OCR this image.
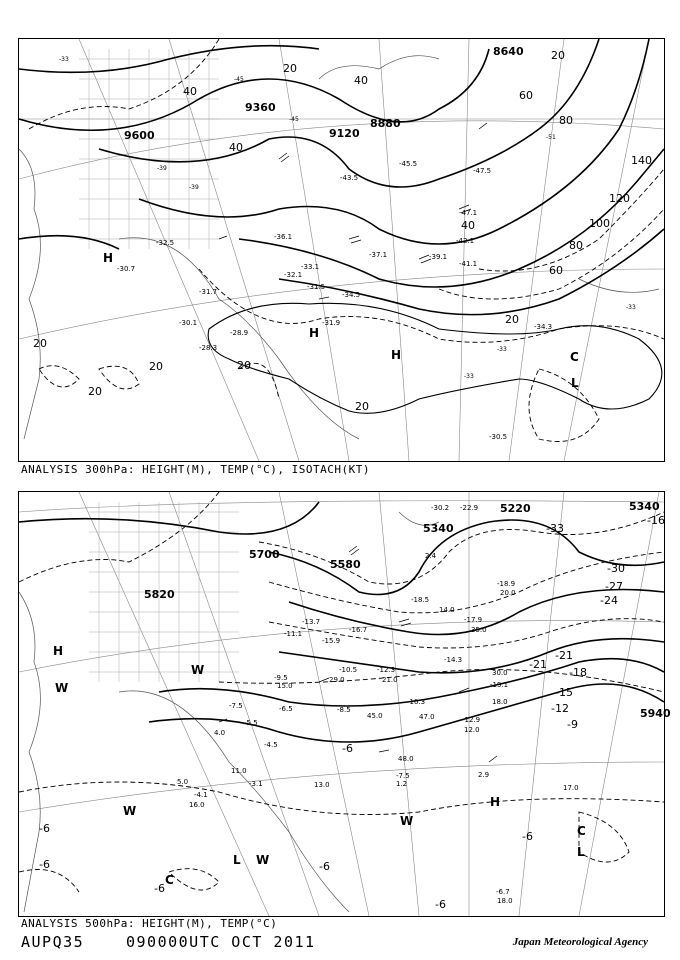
8640
9360
9600	9120
8880
20
40
40
60
80
100
120
140
20
40
20
20	20
20
20
40
60
80
20
H
H
H
L
C
-30.7
-31.7
-32.5
-34.5
-28.9
-28.3
-30.1
-30.5
-31.9
-43.5
-45.5
-47.5
-47.1
-42.1
-41.1
-39.1
-33.1
-34.3
-36.1
-37.1
-32.1
-31.5
-33
-45
-39
-51
-33
-33
-33
-45
-39
ANALYSIS 300hPa: HEIGHT(M), TEMP(°C), ISOTACH(KT)
5700
5820
5580
5340
5220	5340
5940
-6
-6	-6
-6
-9
-12
-15
-18
-21
-21
-24
-27
-30
-33
-6
-6
-6
-16
H
W
W
W
L W
C
H
C
L
W
-22.9
-30.2
-18.9
-18.5
-17.9
-16.7
-15.9
-13.7
-12.3
-10.5
-9.5
-8.5
-7.5	-6.5
-5.5
-4.5
-4.1
-3.1
-7.5
-6.7
-14.3
-12.9
-11.1
-10.3
-19.1
2.4
14.0
20.0
35.0
30.0
18.0
12.0
47.0
45.0
29.0	21.0
15.0
13.0
11.0
16.0
5.0
4.0
48.0
2.9
1.2	17.0
18.0
ANALYSIS 500hPa: HEIGHT(M), TEMP(°C)
AUPQ35	090000UTC OCT 2011	Japan Meteorological Agency
